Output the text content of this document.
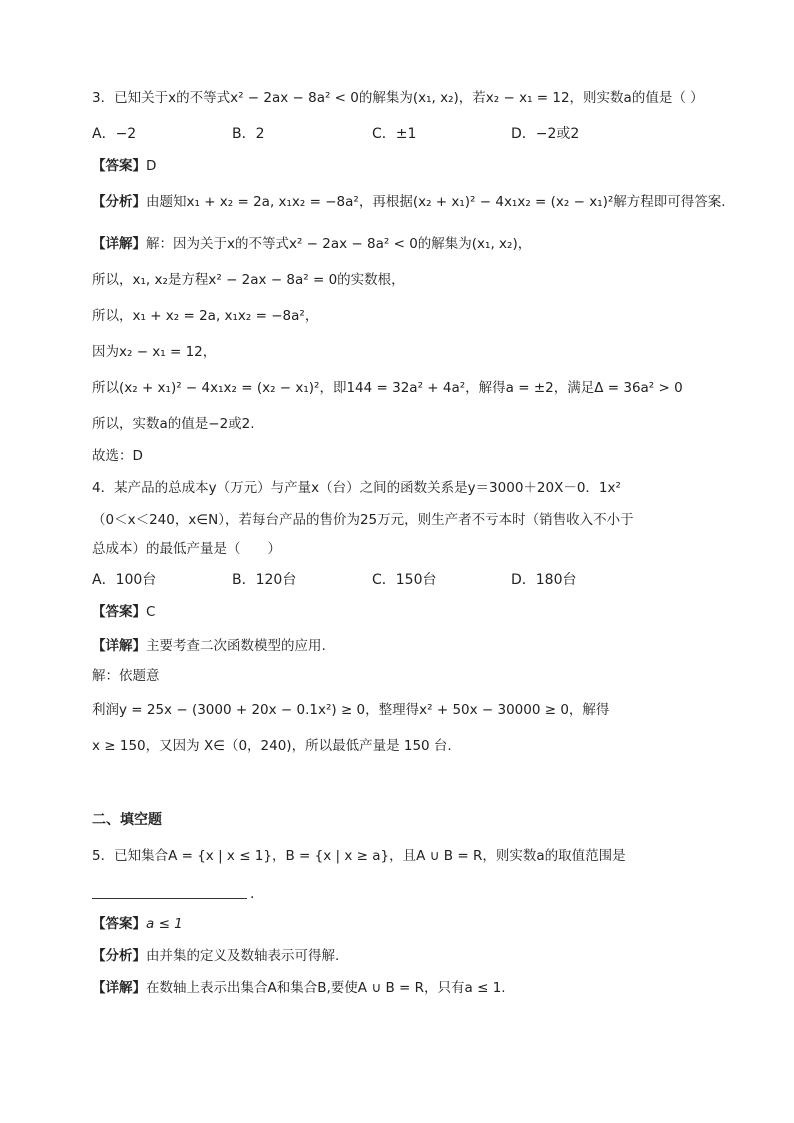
3．已知关于x的不等式x² − 2ax − 8a² < 0的解集为(x₁, x₂)，若x₂ − x₁ = 12，则实数a的值是（ ）
A．−2	B．2	C．±1	D．−2或2
【答案】D
【分析】由题知x₁ + x₂ = 2a, x₁x₂ = −8a²，再根据(x₂ + x₁)² − 4x₁x₂ = (x₂ − x₁)²解方程即可得答案.
【详解】解：因为关于x的不等式x² − 2ax − 8a² < 0的解集为(x₁, x₂)，
所以，x₁, x₂是方程x² − 2ax − 8a² = 0的实数根，
所以，x₁ + x₂ = 2a, x₁x₂ = −8a²，
因为x₂ − x₁ = 12，
所以(x₂ + x₁)² − 4x₁x₂ = (x₂ − x₁)²，即144 = 32a² + 4a²，解得a = ±2，满足Δ = 36a² > 0
所以，实数a的值是−2或2.
故选：D
4．某产品的总成本y（万元）与产量x（台）之间的函数关系是y＝3000＋20X－0．1x²
（0＜x＜240，x∈N），若每台产品的售价为25万元，则生产者不亏本时（销售收入不小于
总成本）的最低产量是（　　）
A．100台	B．120台	C．150台	D．180台
【答案】C
【详解】主要考查二次函数模型的应用.
解：依题意
利润y = 25x − (3000 + 20x − 0.1x²) ≥ 0，整理得x² + 50x − 30000 ≥ 0，解得
x ≥ 150，又因为 X∈（0，240)，所以最低产量是 150 台.
二、填空题
5．已知集合A = {x | x ≤ 1}，B = {x | x ≥ a}，且A ∪ B = R，则实数a的取值范围是
.
【答案】a ≤ 1
【分析】由并集的定义及数轴表示可得解.
【详解】在数轴上表示出集合A和集合B,要使A ∪ B = R，只有a ≤ 1.
